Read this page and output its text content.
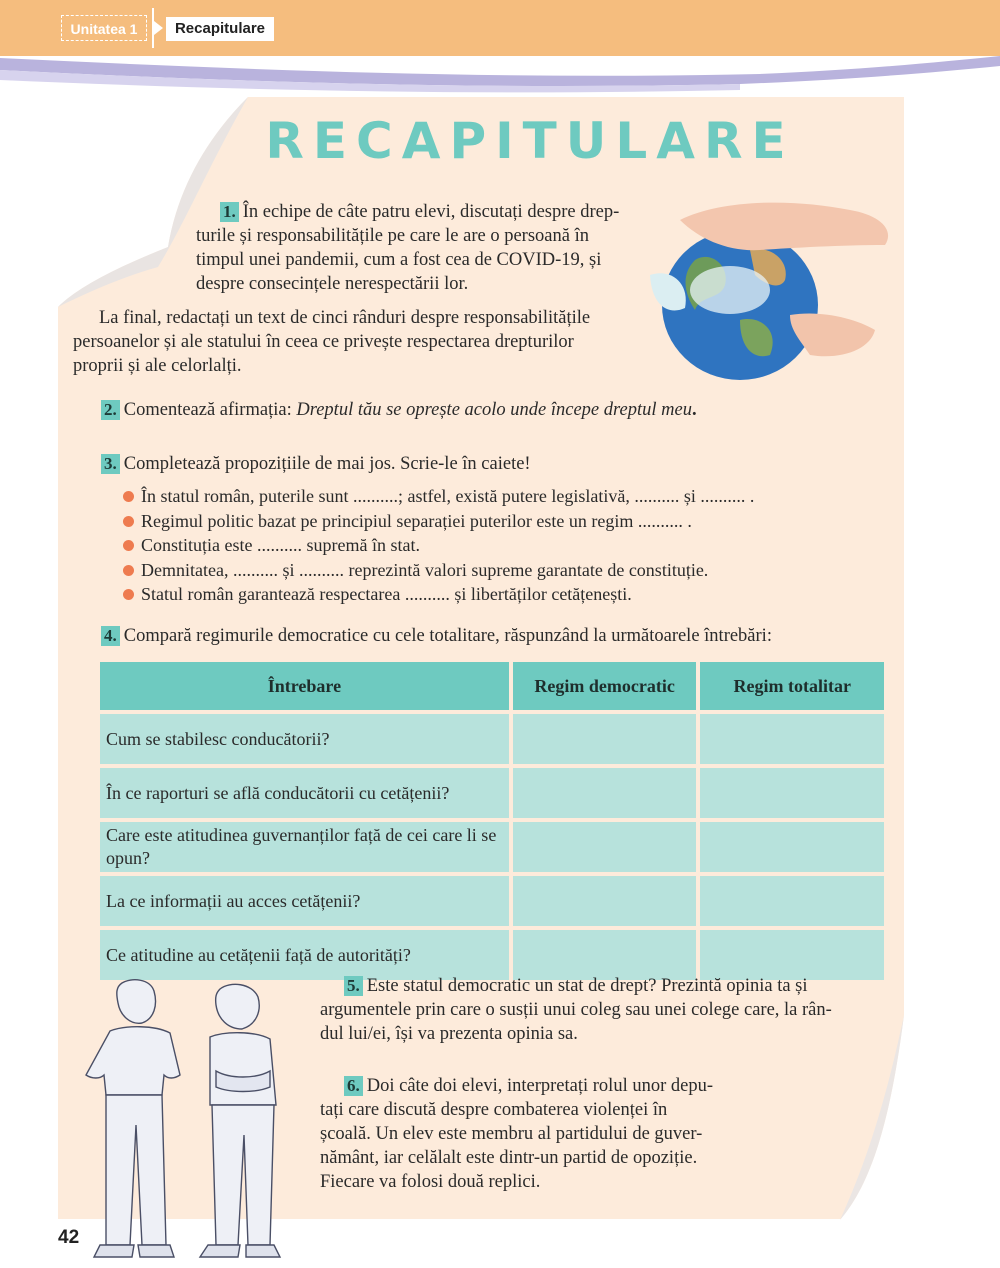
Unitatea 1	Recapitulare
RECAPITULARE
1. În echipe de câte patru elevi, discutați despre drep-
turile și responsabilitățile pe care le are o persoană în
timpul unei pandemii, cum a fost cea de COVID-19, și
despre consecințele nerespectării lor.
La final, redactați un text de cinci rânduri despre responsabilitățile
persoanelor și ale statului în ceea ce privește respectarea drepturilor
proprii și ale celorlalți.
2. Comentează afirmația: Dreptul tău se oprește acolo unde începe dreptul meu.
3. Completează propozițiile de mai jos. Scrie-le în caiete!
În statul român, puterile sunt ..........; astfel, există putere legislativă, .......... și .......... .
Regimul politic bazat pe principiul separației puterilor este un regim .......... .
Constituția este .......... supremă în stat.
Demnitatea, .......... și .......... reprezintă valori supreme garantate de constituție.
Statul român garantează respectarea .......... și libertăților cetățenești.
4. Compară regimurile democratice cu cele totalitare, răspunzând la următoarele întrebări:
Întrebare	Regim democratic	Regim totalitar
Cum se stabilesc conducătorii?		
În ce raporturi se află conducătorii cu cetățenii?		
Care este atitudinea guvernanților față de cei care li se opun?		
La ce informații au acces cetățenii?		
Ce atitudine au cetățenii față de autorități?		
5. Este statul democratic un stat de drept? Prezintă opinia ta și
argumentele prin care o susții unui coleg sau unei colege care, la rân-
dul lui/ei, își va prezenta opinia sa.
6. Doi câte doi elevi, interpretați rolul unor depu-
tați care discută despre combaterea violenței în
școală. Un elev este membru al partidului de guver-
nământ, iar celălalt este dintr-un partid de opoziție.
Fiecare va folosi două replici.
42
